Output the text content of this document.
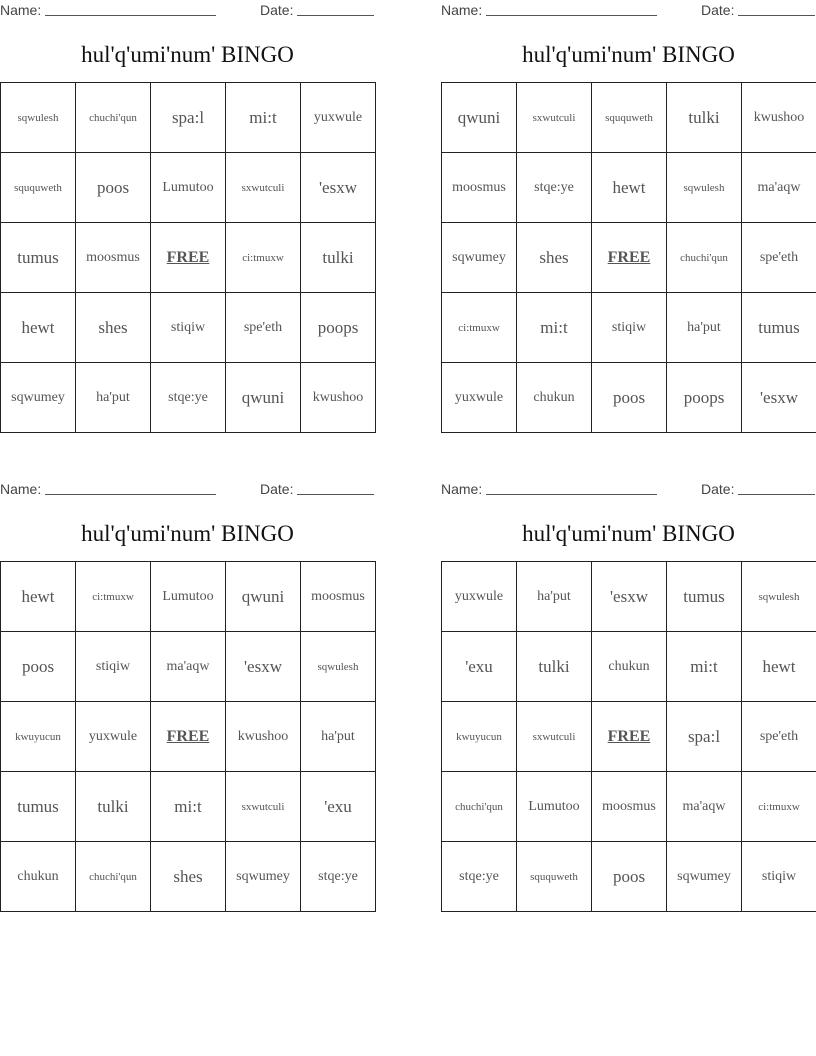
Name:	Date:
hul'q'umi'num' BINGO
sqwulesh	chuchi'qun	spa:l	mi:t	yuxwule
sququweth	poos	Lumutoo	sxwutculi	'esxw
tumus	moosmus	FREE	ci:tmuxw	tulki
hewt	shes	stiqiw	spe'eth	poops
sqwumey	ha'put	stqe:ye	qwuni	kwushoo
Name:	Date:
hul'q'umi'num' BINGO
qwuni	sxwutculi	sququweth	tulki	kwushoo
moosmus	stqe:ye	hewt	sqwulesh	ma'aqw
sqwumey	shes	FREE	chuchi'qun	spe'eth
ci:tmuxw	mi:t	stiqiw	ha'put	tumus
yuxwule	chukun	poos	poops	'esxw
Name:	Date:
hul'q'umi'num' BINGO
hewt	ci:tmuxw	Lumutoo	qwuni	moosmus
poos	stiqiw	ma'aqw	'esxw	sqwulesh
kwuyucun	yuxwule	FREE	kwushoo	ha'put
tumus	tulki	mi:t	sxwutculi	'exu
chukun	chuchi'qun	shes	sqwumey	stqe:ye
Name:	Date:
hul'q'umi'num' BINGO
yuxwule	ha'put	'esxw	tumus	sqwulesh
'exu	tulki	chukun	mi:t	hewt
kwuyucun	sxwutculi	FREE	spa:l	spe'eth
chuchi'qun	Lumutoo	moosmus	ma'aqw	ci:tmuxw
stqe:ye	sququweth	poos	sqwumey	stiqiw
